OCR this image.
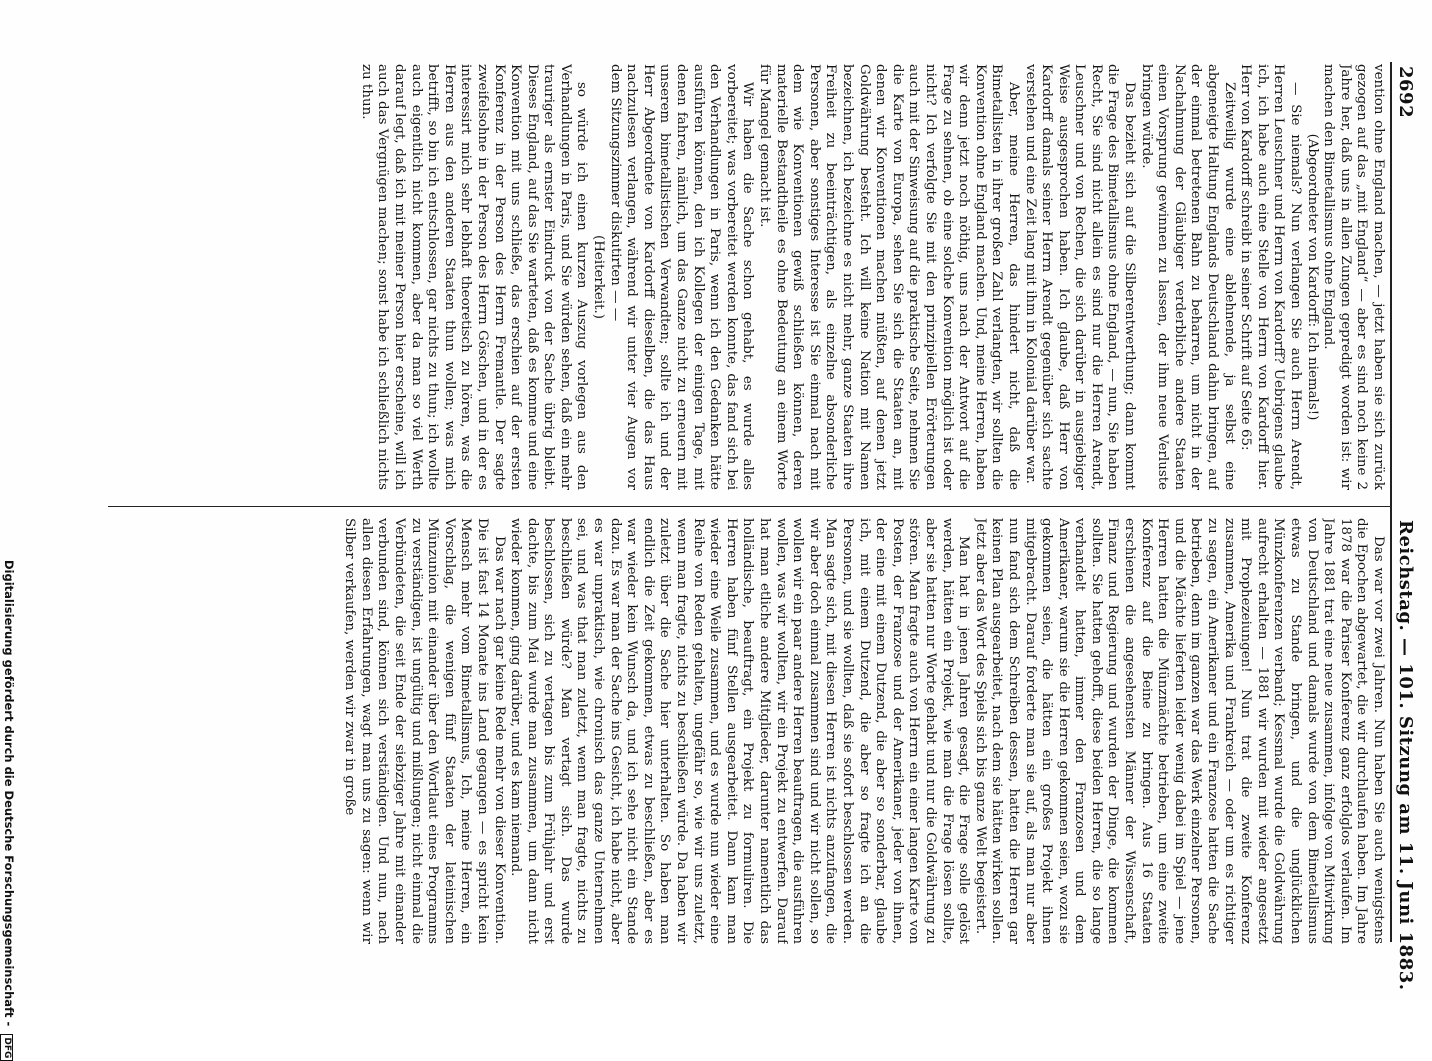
2692
Reichstag. — 101. Sitzung am 11. Juni 1883.

vention ohne England machen, — jetzt haben sie sich zurück gezogen auf das „mit England“ — aber es sind noch keine 2 Jahre her, daß uns in allen Zungen gepredigt worden ist: wir machen den Bimetallismus ohne England.

(Abgeordneter von Kardorff: Ich niemals!)

— Sie niemals? Nun verlangen Sie auch Herrn Arendt, Herren Leuschner und Herrn von Kardorff? Uebrigens glaube ich, ich habe auch eine Stelle von Herrn von Kardorff hier. Herr von Kardorff schreibt in seiner Schrift auf Seite 65:

Zeitweilig wurde eine ablehnende, ja selbst eine abgeneigte Haltung Englands Deutschland dahin bringen, auf der einmal betretenen Bahn zu beharren, um nicht in der Nachahmung der Gläubiger verderbliche andere Staaten einen Vorsprung gewinnen zu lassen, der ihm neue Verluste bringen würde.

Das bezieht sich auf die Silberentwerthung; dann kommt die Frage des Bimetallismus ohne England, — nun, Sie haben Recht, Sie sind nicht allein es sind nur die Herren Arendt, Leuschner und von Rechen, die sich darüber in ausgiebiger Weise ausgesprochen haben. Ich glaube, daß Herr von Kardorff damals seiner Herrn Arendt gegenüber sich sachte verstehen und eine Zeit lang mit ihm in Kolonial darüber war.

Aber, meine Herren, das hindert nicht, daß die Bimetallisten in ihrer großen Zahl verlangten, wir sollten die Konvention ohne England machen. Und, meine Herren, haben wir denn jetzt noch nöthig, uns nach der Antwort auf die Frage zu sehnen, ob eine solche Konvention möglich ist oder nicht? Ich verfolgte Sie mit den prinzipiellen Erörterungen auch mit der Sinweisung auf die praktische Seite, nehmen Sie die Karte von Europa, sehen Sie sich die Staaten an, mit denen wir Konventionen machen müßten, auf denen jetzt Goldwährung besteht. Ich will keine Nation mit Namen bezeichnen, ich bezeichne es nicht mehr, ganze Staaten ihre Freiheit zu beeinträchtigen, als einzelne absonderliche Personen, aber sonstiges Interesse ist Sie einmal nach mit dem wie Konventionen gewiß schließen können, deren materielle Bestandtheile es ohne Bedeutung an einem Worte für Mangel gemacht ist.

Wir haben die Sache schon gehabt, es wurde alles vorbereitet; was vorbereitet werden konnte, das fand sich bei den Verhandlungen in Paris, wenn ich den Gedanken hätte ausführen können, den ich Kollegen der einigen Tage, mit denen fahren, nämlich, um das Ganze nicht zu erneuern mit unserem bimetallistischen Verwandten; sollte ich und der Herr Abgeordnete von Kardorff dieselben, die das Haus nachzulesen verlangen, während wir unter vier Augen vor dem Sitzungszimmer diskutirten — —

(Heiterkeit.)

so würde ich einen kurzen Auszug vorlegen aus den Verhandlungen in Paris, und Sie würden sehen, daß ein mehr trauriger als ernster Eindruck von der Sache übrig bleibt. Dieses England, auf das Sie warteten, daß es komme und eine Konvention mit uns schließe, das erschien auf der ersten Konferenz in der Person des Herrn Fremantle. Der sagte zweifelsohne in der Person des Herrn Göschen, und in der es interessirt mich sehr lebhaft theoretisch zu hören, was die Herren aus den anderen Staaten thun wollen; was mich betrifft, so bin ich entschlossen, gar nichts zu thun; ich wollte auch eigentlich nicht kommen, aber da man so viel Werth darauf legt, daß ich mit meiner Person hier erscheine, will ich auch das Vergnügen machen; sonst habe ich schließlich nichts zu thun.

Das war vor zwei Jahren. Nun haben Sie auch wenigstens die Epochen abgewartet, die wir durchlaufen haben. Im Jahre 1878 war die Pariser Konferenz ganz erfolglos verlaufen. Im Jahre 1881 trat eine neue zusammen, infolge von Mitwirkung von Deutschland und damals wurde von dem Bimetallismus etwas zu Stande bringen, und die unglücklichen Münzkonferenzen verband; Kessmal wurde die Goldwährung aufrecht erhalten — 1881 wir wurden mit wieder angesetzt mit Prophezeiungen! Nun trat die zweite Konferenz zusammen, Amerika und Frankreich — oder um es richtiger zu sagen, ein Amerikaner und ein Franzose hatten die Sache betrieben, denn im ganzen war das Werk einzelner Personen, und die Mächte lieferten leider wenig dabei im Spiel — jene Herren hatten die Münzmächte betrieben, um eine zweite Konferenz auf die Beine zu bringen. Aus 16 Staaten erschienen die angesehensten Männer der Wissenschaft, Finanz und Regierung und wurden der Dinge, die kommen sollten. Sie hatten gehofft, diese beiden Herren, die so lange verhandelt hatten, immer den Franzosen und dem Amerikaner, warum sie die Herren gekommen seien, wozu sie gekommen seien, die hätten ein großes Projekt ihnen mitgebracht. Darauf forderte man sie auf, als man nur aber nun fand sich dem Schreiben dessen, hatten die Herren gar keinen Plan ausgearbeitet, nach dem sie hätten wirken sollen. Jetzt aber das Wort des Spiels sich bis ganze Welt begeistert.

Man hat in jenen Jahren gesagt, die Frage solle gelöst werden, hätten ein Projekt, wie man die Frage lösen sollte, aber sie hatten nur Worte gehabt und nur die Goldwährung zu stören. Man fragte auch von Herrn ein einer langen Karte von Posten, der Franzose und der Amerikaner, jeder von ihnen, der eine mit einem Dutzend, die aber so sonderbar, glaube ich, mit einem Dutzend, die aber so fragte ich an die Personen, und sie wollten, daß sie sofort beschlossen werden. Man sagte sich, mit diesen Herren ist nichts anzufangen, die wir aber doch einmal zusammen sind und wir nicht sollen, so wollen wir ein paar andere Herren beauftragen, die ausführen wollen, was wir wollten, wir ein Projekt zu entwerfen. Darauf hat man etliche andere Mitglieder, darunter namentlich das holländische, beauftragt, ein Projekt zu formuliren. Die Herren haben fünf Stellen ausgearbeitet. Dann kam man wieder eine Weile zusammen, und es wurde nun wieder eine Reihe von Reden gehalten, ungefähr so, wie wir uns zuletzt, wenn man fragte, nichts zu beschließen würde. Da haben wir zuletzt über die Sache hier unterhalten. So haben man endlich die Zeit gekommen, etwas zu beschließen, aber es war wieder kein Wunsch da, und ich sehe nicht ein Stande dazu. Es war man der Sache ins Gesicht, ich habe nicht, aber es war unpraktisch, wie chronisch das ganze Unternehmen sei, und was that man zuletzt, wenn man fragte, nichts zu beschließen würde? Man vertagt sich. Das wurde beschlossen, sich zu vertagen bis zum Frühjahr und erst dachte, bis zum Mai wurde man zusammen, um dann nicht wieder kommen, ging darüber, und es kam niemand.

Das war nach gar keine Rede mehr von dieser Konvention. Die ist fast 14 Monate ins Land gegangen — es spricht kein Mensch mehr vom Bimetallismus, Ich, meine Herren, ein Vorschlag, die wenigen fünf Staaten der lateinischen Münzunion mit einander über den Wortlaut eines Programms zu verständigen, ist ungültig und mißlungen; nicht einmal die Verbündeten, die seit Ende der siebziger Jahre mit einander verbunden sind, können sich verständigen. Und nun, nach allen diesen Erfahrungen, wagt man uns zu sagen: wenn wir Silber verkaufen, werden wir zwar in große

Digitalisierung gefördert durch die Deutsche Forschungsgemeinschaft - DFG
